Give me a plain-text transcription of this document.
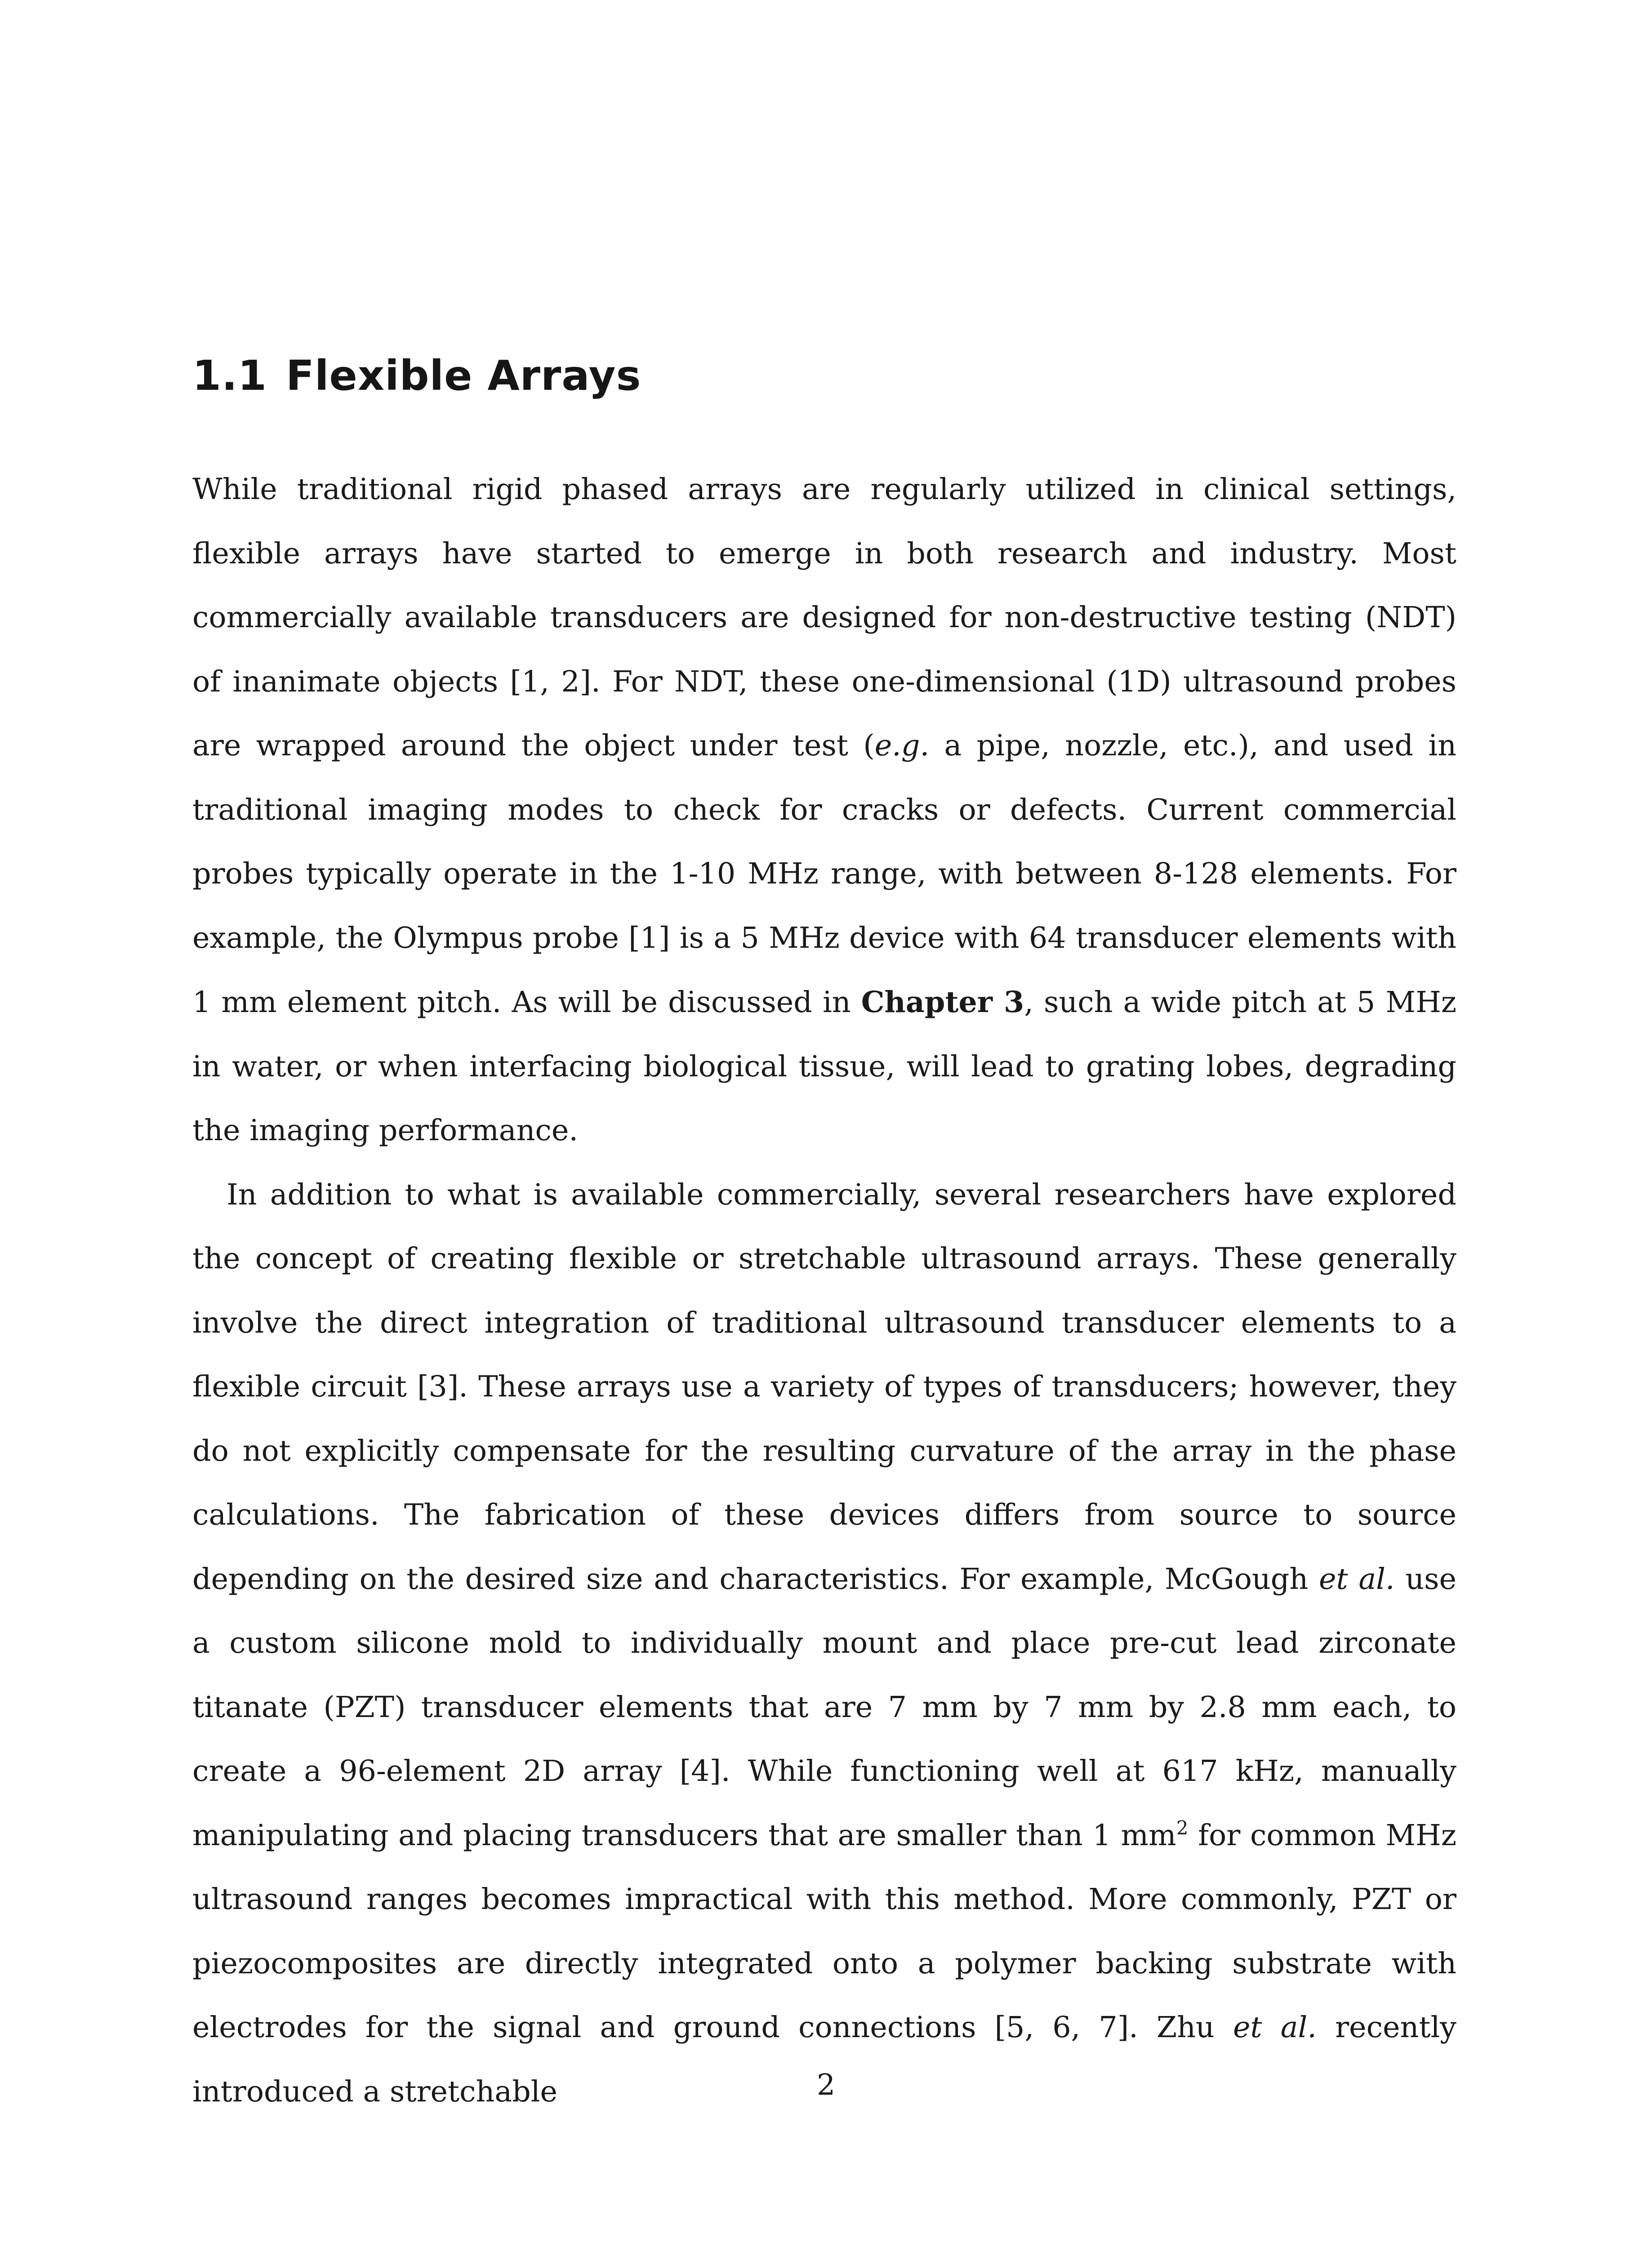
1.1 Flexible Arrays

While traditional rigid phased arrays are regularly utilized in clinical settings, flexible arrays have started to emerge in both research and industry. Most commercially available transducers are designed for non-destructive testing (NDT) of inanimate objects [1, 2]. For NDT, these one-dimensional (1D) ultrasound probes are wrapped around the object under test (e.g. a pipe, nozzle, etc.), and used in traditional imaging modes to check for cracks or defects. Current commercial probes typically operate in the 1-10 MHz range, with between 8-128 elements. For example, the Olympus probe [1] is a 5 MHz device with 64 transducer elements with 1 mm element pitch. As will be discussed in Chapter 3, such a wide pitch at 5 MHz in water, or when interfacing biological tissue, will lead to grating lobes, degrading the imaging performance.

In addition to what is available commercially, several researchers have explored the concept of creating flexible or stretchable ultrasound arrays. These generally involve the direct integration of traditional ultrasound transducer elements to a flexible circuit [3]. These arrays use a variety of types of transducers; however, they do not explicitly compensate for the resulting curvature of the array in the phase calculations. The fabrication of these devices differs from source to source depending on the desired size and characteristics. For example, McGough et al. use a custom silicone mold to individually mount and place pre-cut lead zirconate titanate (PZT) transducer elements that are 7 mm by 7 mm by 2.8 mm each, to create a 96-element 2D array [4]. While functioning well at 617 kHz, manually manipulating and placing transducers that are smaller than 1 $mm^2$ for common MHz ultrasound ranges becomes impractical with this method. More commonly, PZT or piezocomposites are directly integrated onto a polymer backing substrate with electrodes for the signal and ground connections [5, 6, 7]. Zhu et al. recently introduced a stretchable	2
